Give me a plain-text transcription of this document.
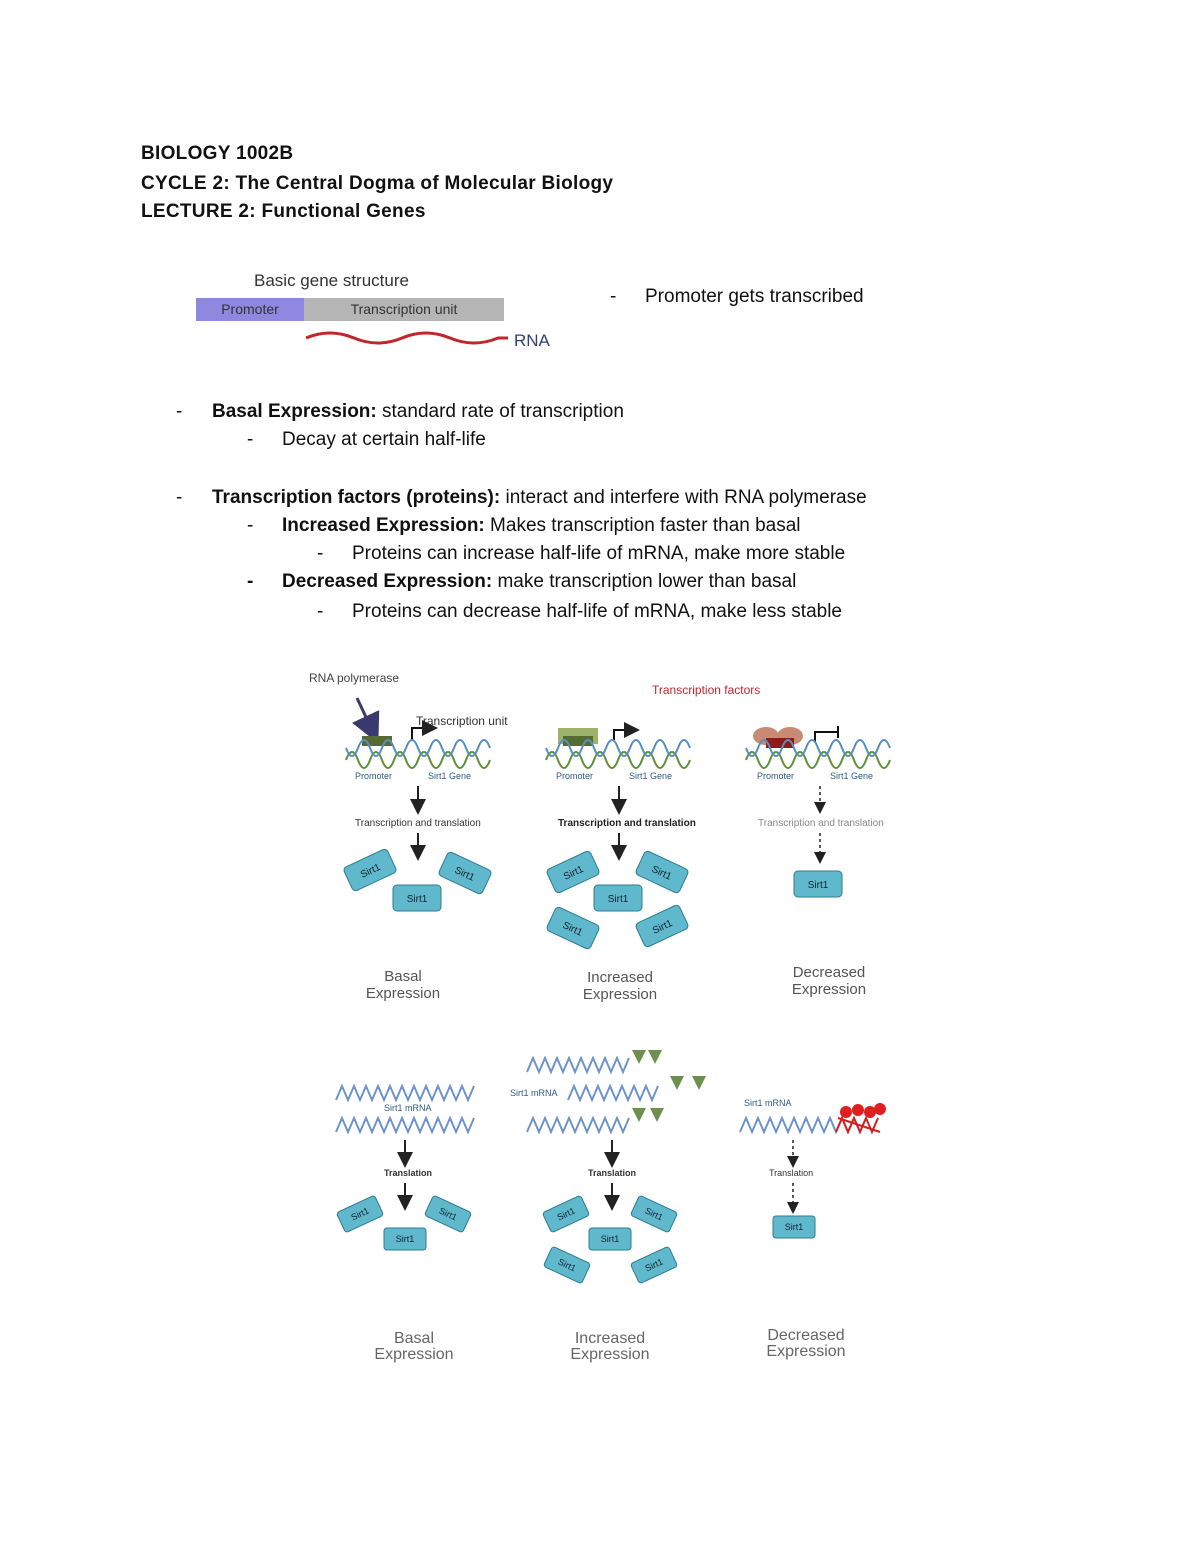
BIOLOGY 1002B
CYCLE 2: The Central Dogma of Molecular Biology
LECTURE 2: Functional Genes
Basic gene structure
Promoter	Transcription unit
RNA
- Promoter gets transcribed
- Basal Expression: standard rate of transcription
- Decay at certain half-life
- Transcription factors (proteins): interact and interfere with RNA polymerase
- Increased Expression: Makes transcription faster than basal
- Proteins can increase half-life of mRNA, make more stable
- Decreased Expression: make transcription lower than basal
- Proteins can decrease half-life of mRNA, make less stable
RNA polymerase
Transcription unit
Promoter	Sirt1 Gene
Transcription and translation
Sirt1	Sirt1
Sirt1
Transcription factors
Promoter	Sirt1 Gene
Transcription and translation
Sirt1	Sirt1
Sirt1
Sirt1	Sirt1
Promoter	Sirt1 Gene
Transcription and translation
Sirt1
Basal
Expression
Increased
Expression
Decreased
Expression
Sirt1 mRNA
Translation
Sirt1	Sirt1
Sirt1
Sirt1 mRNA
Translation
Sirt1	Sirt1
Sirt1
Sirt1	Sirt1
Sirt1 mRNA
Translation
Sirt1
Basal
Expression
Increased
Expression
Decreased
Expression
